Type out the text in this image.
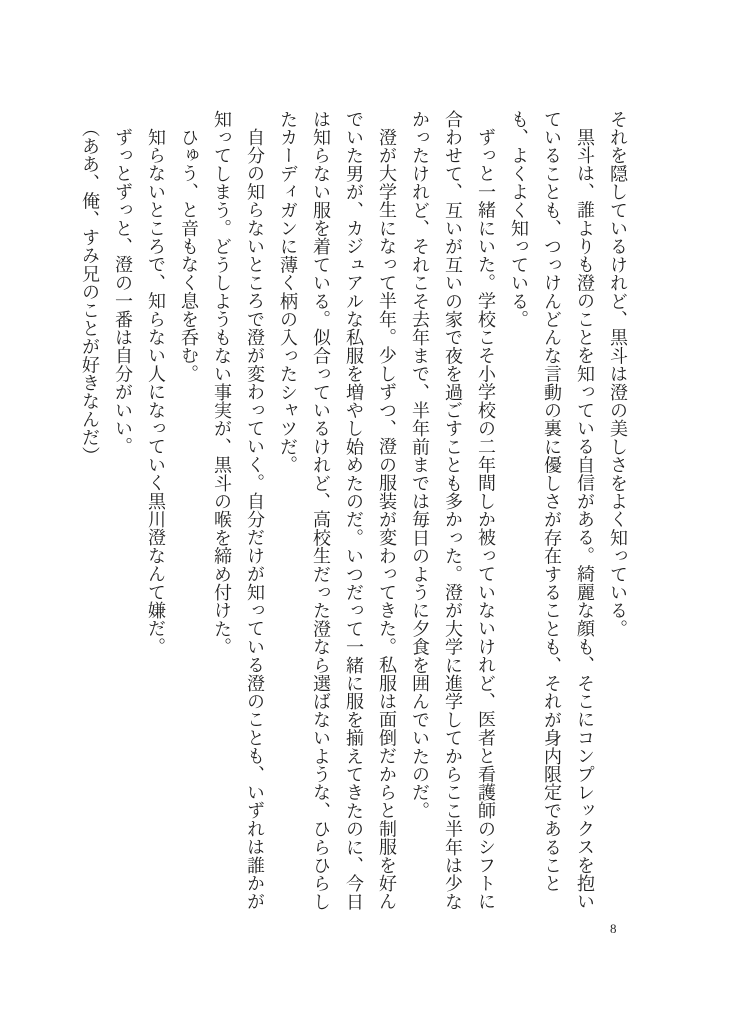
それを隠しているけれど、黒斗は澄の美しさをよく知っている。

黒斗は、誰よりも澄のことを知っている自信がある。綺麗な顔も、そこにコンプレックスを抱いていることも、つっけんどんな言動の裏に優しさが存在することも、それが身内限定であることも、よくよく知っている。

ずっと一緒にいた。学校こそ小学校の二年間しか被っていないけれど、医者と看護師のシフトに合わせて、互いが互いの家で夜を過ごすことも多かった。澄が大学に進学してからここ半年は少なかったけれど、それこそ去年まで、半年前までは毎日のように夕食を囲んでいたのだ。

澄が大学生になって半年。少しずつ、澄の服装が変わってきた。私服は面倒だからと制服を好んでいた男が、カジュアルな私服を増やし始めたのだ。いつだって一緒に服を揃えてきたのに、今日は知らない服を着ている。似合っているけれど、高校生だった澄なら選ばないような、ひらひらしたカーディガンに薄く柄の入ったシャツだ。

自分の知らないところで澄が変わっていく。自分だけが知っている澄のことも、いずれは誰かが知ってしまう。どうしようもない事実が、黒斗の喉を締め付けた。

ひゅう、と音もなく息を呑む。

知らないところで、知らない人になっていく黒川澄なんて嫌だ。

ずっとずっと、澄の一番は自分がいい。

（ああ、俺、すみ兄のことが好きなんだ）

8
